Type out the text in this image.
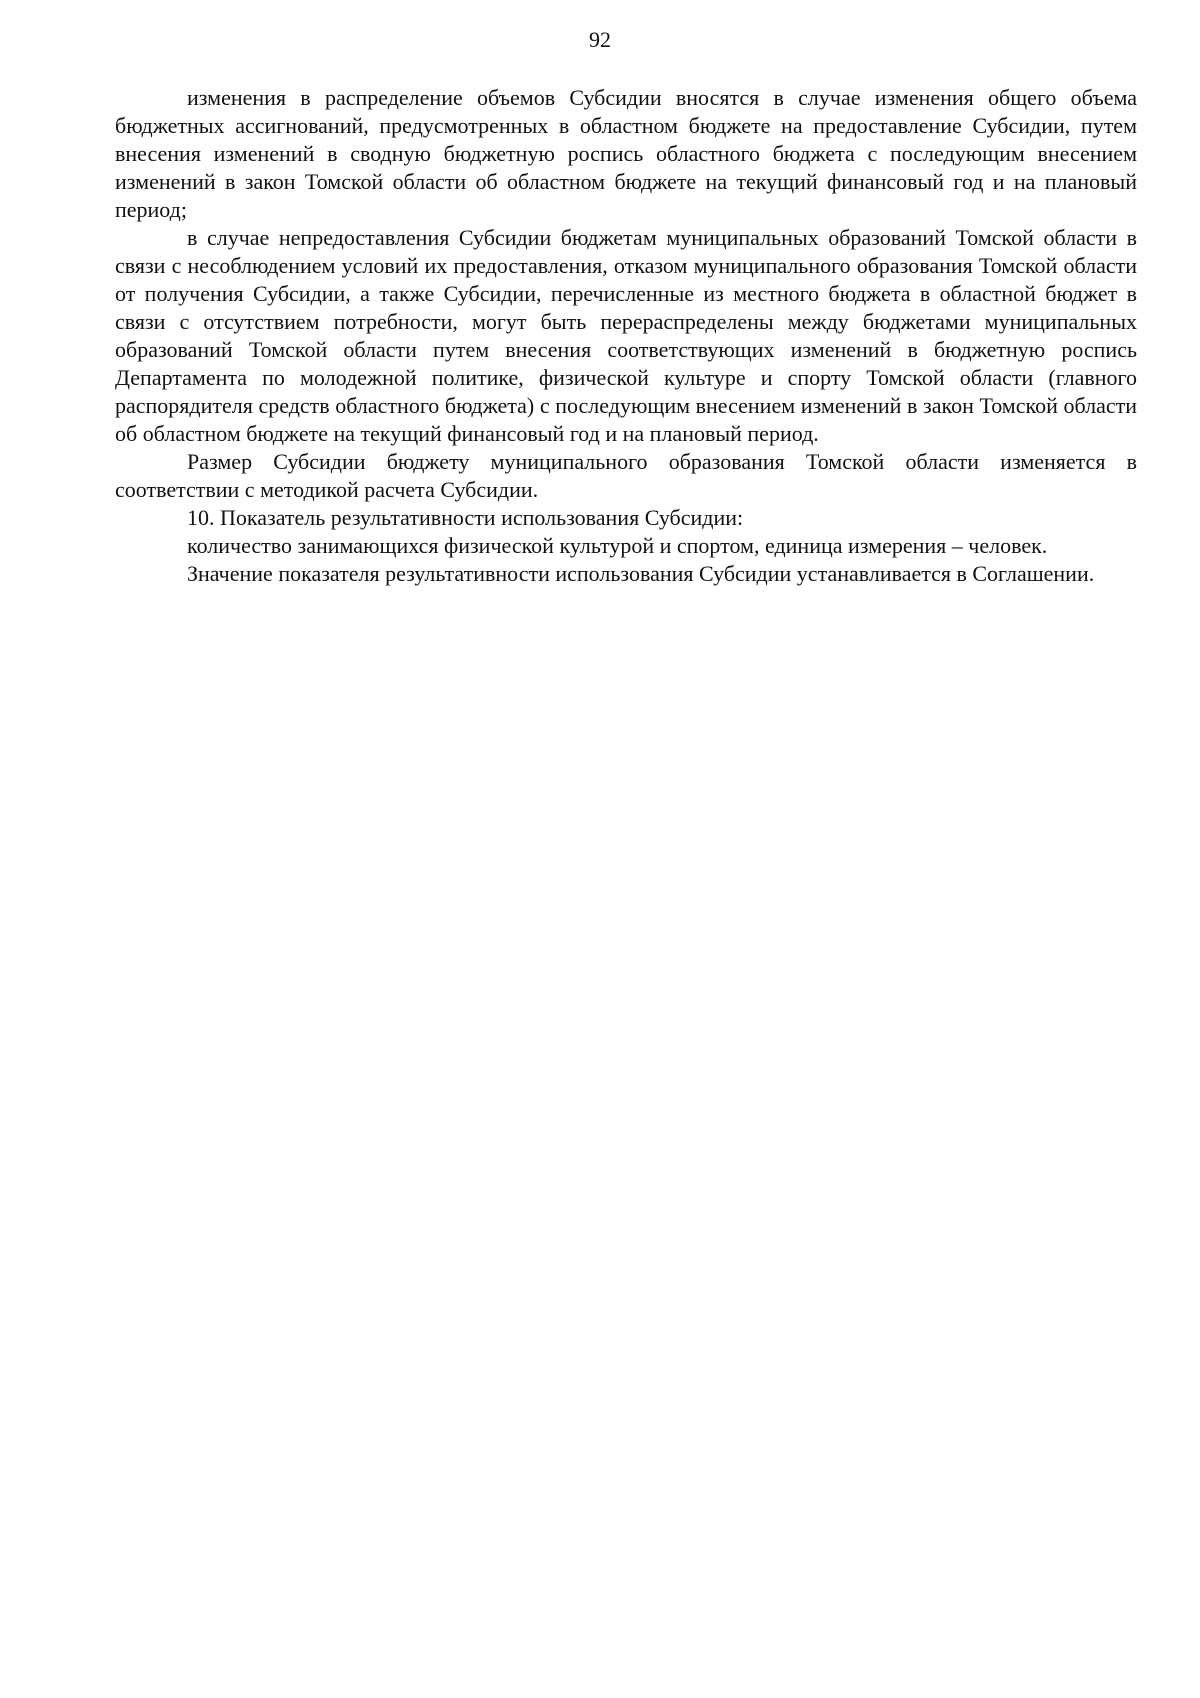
92

изменения в распределение объемов Субсидии вносятся в случае изменения общего объема бюджетных ассигнований, предусмотренных в областном бюджете на предоставление Субсидии, путем внесения изменений в сводную бюджетную роспись областного бюджета с последующим внесением изменений в закон Томской области об областном бюджете на текущий финансовый год и на плановый период;

в случае непредоставления Субсидии бюджетам муниципальных образований Томской области в связи с несоблюдением условий их предоставления, отказом муниципального образования Томской области от получения Субсидии, а также Субсидии, перечисленные из местного бюджета в областной бюджет в связи с отсутствием потребности, могут быть перераспределены между бюджетами муниципальных образований Томской области путем внесения соответствующих изменений в бюджетную роспись Департамента по молодежной политике, физической культуре и спорту Томской области (главного распорядителя средств областного бюджета) с последующим внесением изменений в закон Томской области об областном бюджете на текущий финансовый год и на плановый период.

Размер Субсидии бюджету муниципального образования Томской области изменяется в соответствии с методикой расчета Субсидии.

10. Показатель результативности использования Субсидии:

количество занимающихся физической культурой и спортом, единица измерения – человек.

Значение показателя результативности использования Субсидии устанавливается в Соглашении.
